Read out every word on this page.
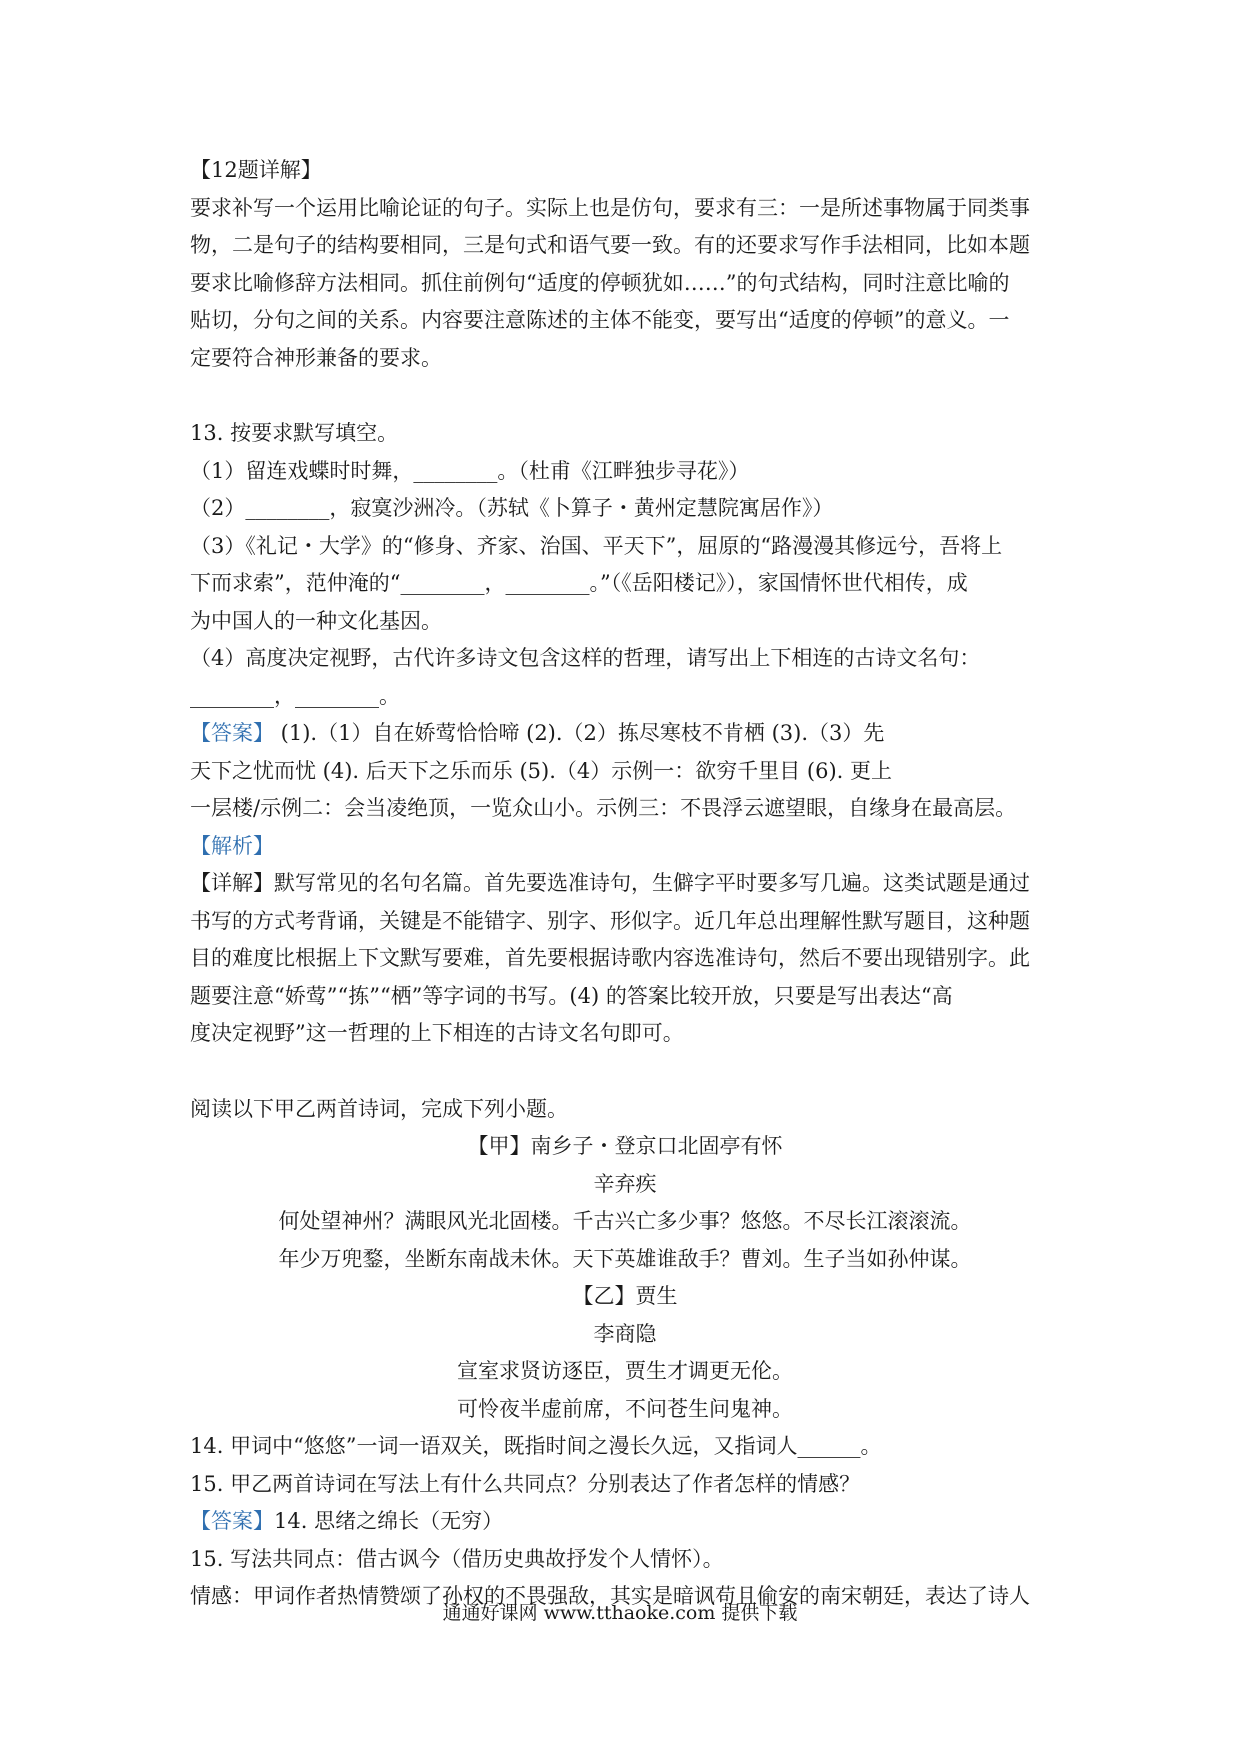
【12题详解】
要求补写一个运用比喻论证的句子。实际上也是仿句，要求有三：一是所述事物属于同类事
物，二是句子的结构要相同，三是句式和语气要一致。有的还要求写作手法相同，比如本题
要求比喻修辞方法相同。抓住前例句“适度的停顿犹如……”的句式结构，同时注意比喻的
贴切，分句之间的关系。内容要注意陈述的主体不能变，要写出“适度的停顿”的意义。一
定要符合神形兼备的要求。
13. 按要求默写填空。
（1）留连戏蝶时时舞，________。（杜甫《江畔独步寻花》）
（2）________，寂寞沙洲冷。（苏轼《卜算子・黄州定慧院寓居作》）
（3）《礼记・大学》的“修身、齐家、治国、平天下”，屈原的“路漫漫其修远兮，吾将上
下而求索”，范仲淹的“________，________。”（《岳阳楼记》），家国情怀世代相传，成
为中国人的一种文化基因。
（4）高度决定视野，古代许多诗文包含这样的哲理，请写出上下相连的古诗文名句：
________，________。
【答案】 (1).（1）自在娇莺恰恰啼 (2).（2）拣尽寒枝不肯栖 (3).（3）先
天下之忧而忧 (4). 后天下之乐而乐 (5).（4）示例一：欲穷千里目 (6). 更上
一层楼/示例二：会当凌绝顶，一览众山小。示例三：不畏浮云遮望眼，自缘身在最高层。
【解析】
【详解】默写常见的名句名篇。首先要选准诗句，生僻字平时要多写几遍。这类试题是通过
书写的方式考背诵，关键是不能错字、别字、形似字。近几年总出理解性默写题目，这种题
目的难度比根据上下文默写要难，首先要根据诗歌内容选准诗句，然后不要出现错别字。此
题要注意“娇莺”“拣”“栖”等字词的书写。(4) 的答案比较开放，只要是写出表达“高
度决定视野”这一哲理的上下相连的古诗文名句即可。
阅读以下甲乙两首诗词，完成下列小题。
【甲】南乡子・登京口北固亭有怀
辛弃疾
何处望神州？满眼风光北固楼。千古兴亡多少事？悠悠。不尽长江滚滚流。
年少万兜鍪，坐断东南战未休。天下英雄谁敌手？曹刘。生子当如孙仲谋。
【乙】贾生
李商隐
宣室求贤访逐臣，贾生才调更无伦。
可怜夜半虚前席，不问苍生问鬼神。
14. 甲词中“悠悠”一词一语双关，既指时间之漫长久远，又指词人______。
15. 甲乙两首诗词在写法上有什么共同点？分别表达了作者怎样的情感？
【答案】14. 思绪之绵长（无穷）
15. 写法共同点：借古讽今（借历史典故抒发个人情怀）。
情感：甲词作者热情赞颂了孙权的不畏强敌，其实是暗讽苟且偷安的南宋朝廷，表达了诗人
通通好课网 www.tthaoke.com 提供下载
